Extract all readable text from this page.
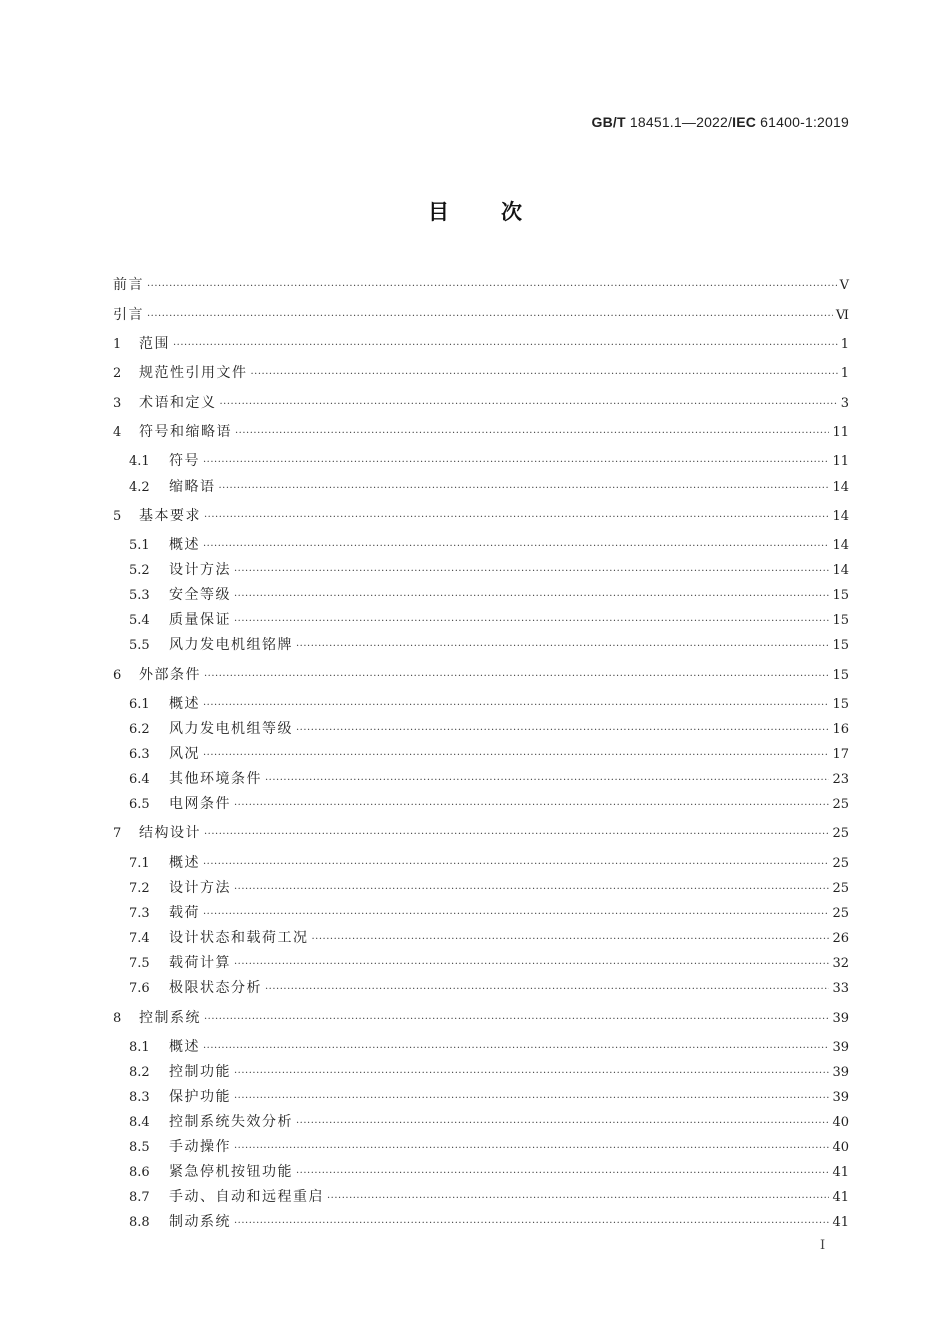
GB/T 18451.1—2022/IEC 61400-1:2019
目次
前言 ·····	Ⅴ
引言 ·····	Ⅵ
1	范围 ·····	1
2	规范性引用文件 ·····	1
3	术语和定义 ·····	3
4	符号和缩略语 ·····	11
4.1	符号 ·····	11
4.2	缩略语 ·····	14
5	基本要求 ·····	14
5.1	概述 ·····	14
5.2	设计方法 ·····	14
5.3	安全等级 ·····	15
5.4	质量保证 ·····	15
5.5	风力发电机组铭牌 ·····	15
6	外部条件 ·····	15
6.1	概述 ·····	15
6.2	风力发电机组等级 ·····	16
6.3	风况 ·····	17
6.4	其他环境条件 ·····	23
6.5	电网条件 ·····	25
7	结构设计 ·····	25
7.1	概述 ·····	25
7.2	设计方法 ·····	25
7.3	载荷 ·····	25
7.4	设计状态和载荷工况 ·····	26
7.5	载荷计算 ·····	32
7.6	极限状态分析 ·····	33
8	控制系统 ·····	39
8.1	概述 ·····	39
8.2	控制功能 ·····	39
8.3	保护功能 ·····	39
8.4	控制系统失效分析 ·····	40
8.5	手动操作 ·····	40
8.6	紧急停机按钮功能 ·····	41
8.7	手动、自动和远程重启 ·····	41
8.8	制动系统 ·····	41
Ⅰ
